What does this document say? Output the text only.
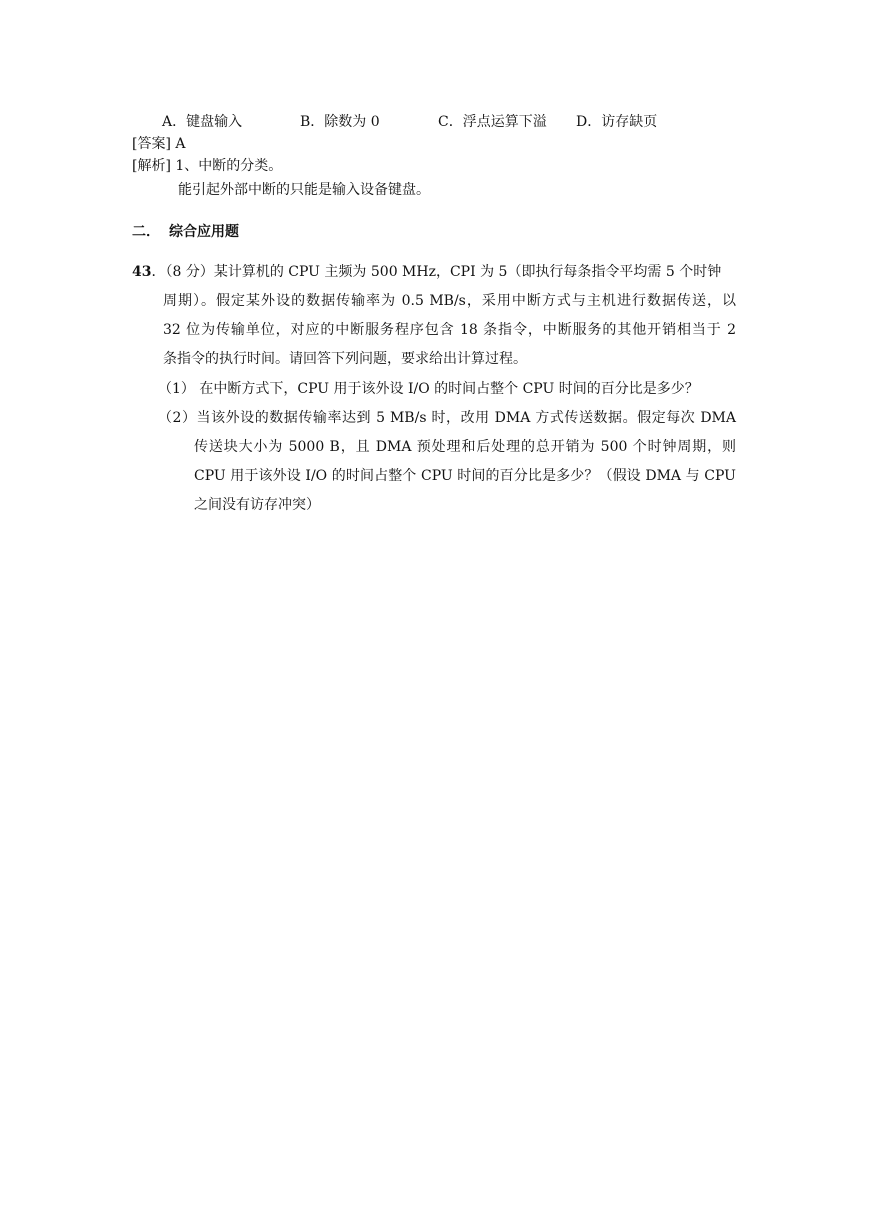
A．键盘输入	B．除数为 0	C．浮点运算下溢 D．访存缺页
[答案] A
[解析] 1、中断的分类。
能引起外部中断的只能是输入设备键盘。
二． 综合应用题
43．（8 分）某计算机的 CPU 主频为 500 MHz，CPI 为 5（即执行每条指令平均需 5 个时钟
周期）。假定某外设的数据传输率为 0.5 MB/s，采用中断方式与主机进行数据传送，以
32 位为传输单位，对应的中断服务程序包含 18 条指令，中断服务的其他开销相当于 2
条指令的执行时间。请回答下列问题，要求给出计算过程。
（1） 在中断方式下，CPU 用于该外设 I/O 的时间占整个 CPU 时间的百分比是多少？
（2）当该外设的数据传输率达到 5 MB/s 时，改用 DMA 方式传送数据。假定每次 DMA
传送块大小为 5000 B，且 DMA 预处理和后处理的总开销为 500 个时钟周期，则
CPU 用于该外设 I/O 的时间占整个 CPU 时间的百分比是多少？（假设 DMA 与 CPU
之间没有访存冲突）
